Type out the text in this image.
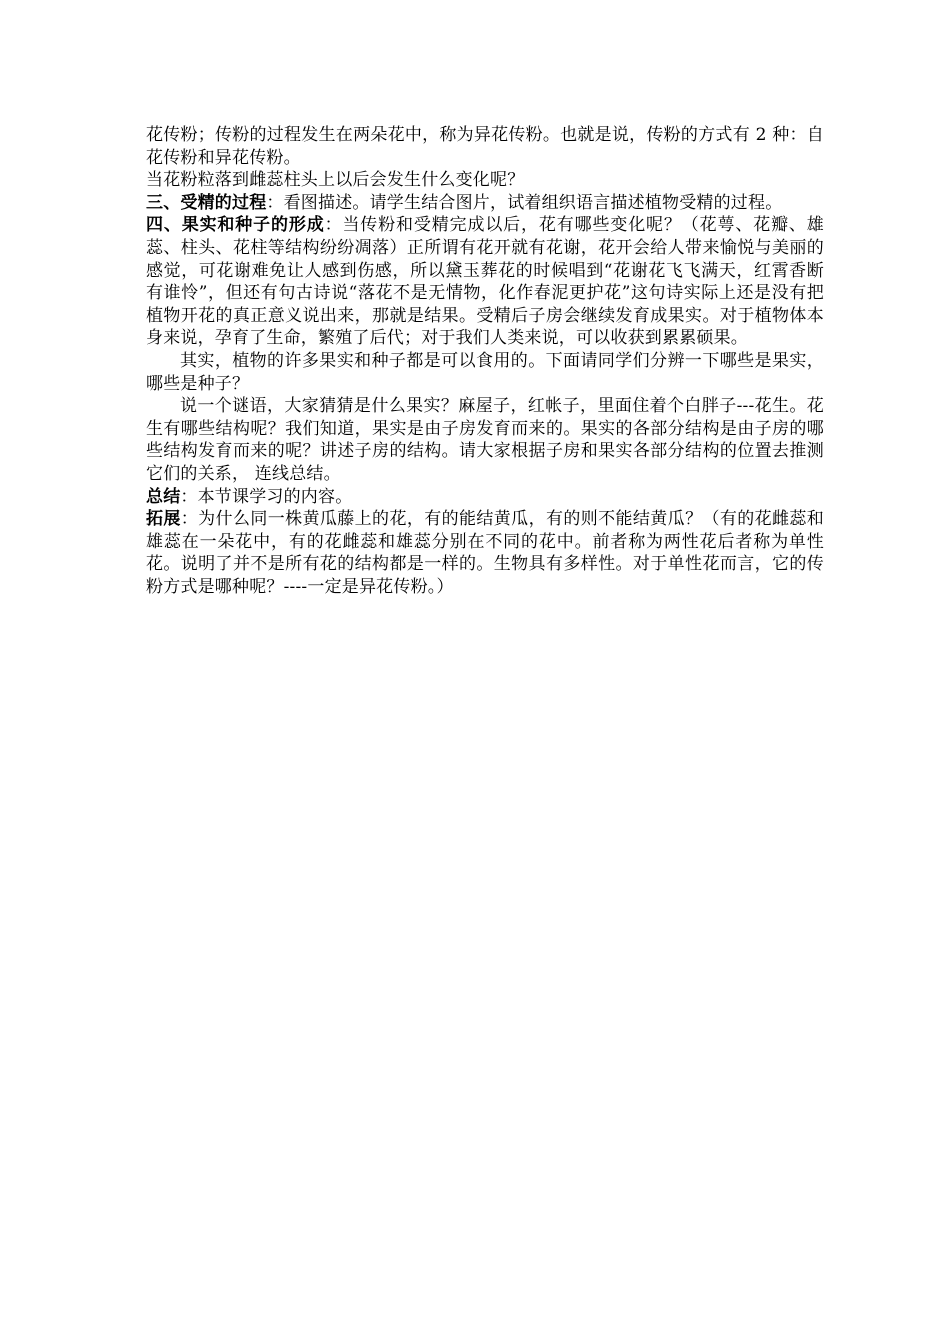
花传粉；传粉的过程发生在两朵花中，称为异花传粉。也就是说，传粉的方式有 2 种：自花传粉和异花传粉。

当花粉粒落到雌蕊柱头上以后会发生什么变化呢？

三、受精的过程：看图描述。请学生结合图片，试着组织语言描述植物受精的过程。

四、果实和种子的形成：当传粉和受精完成以后，花有哪些变化呢？（花萼、花瓣、雄蕊、柱头、花柱等结构纷纷凋落）正所谓有花开就有花谢，花开会给人带来愉悦与美丽的感觉，可花谢难免让人感到伤感，所以黛玉葬花的时候唱到“花谢花飞飞满天，红霄香断有谁怜”，但还有句古诗说“落花不是无情物，化作春泥更护花”这句诗实际上还是没有把植物开花的真正意义说出来，那就是结果。受精后子房会继续发育成果实。对于植物体本身来说，孕育了生命，繁殖了后代；对于我们人类来说，可以收获到累累硕果。

其实，植物的许多果实和种子都是可以食用的。下面请同学们分辨一下哪些是果实，哪些是种子？

说一个谜语，大家猜猜是什么果实？麻屋子，红帐子，里面住着个白胖子---花生。花生有哪些结构呢？我们知道，果实是由子房发育而来的。果实的各部分结构是由子房的哪些结构发育而来的呢？讲述子房的结构。请大家根据子房和果实各部分结构的位置去推测它们的关系， 连线总结。

总结：本节课学习的内容。

拓展：为什么同一株黄瓜藤上的花，有的能结黄瓜，有的则不能结黄瓜？（有的花雌蕊和雄蕊在一朵花中，有的花雌蕊和雄蕊分别在不同的花中。前者称为两性花后者称为单性花。说明了并不是所有花的结构都是一样的。生物具有多样性。对于单性花而言，它的传粉方式是哪种呢？----一定是异花传粉。）
